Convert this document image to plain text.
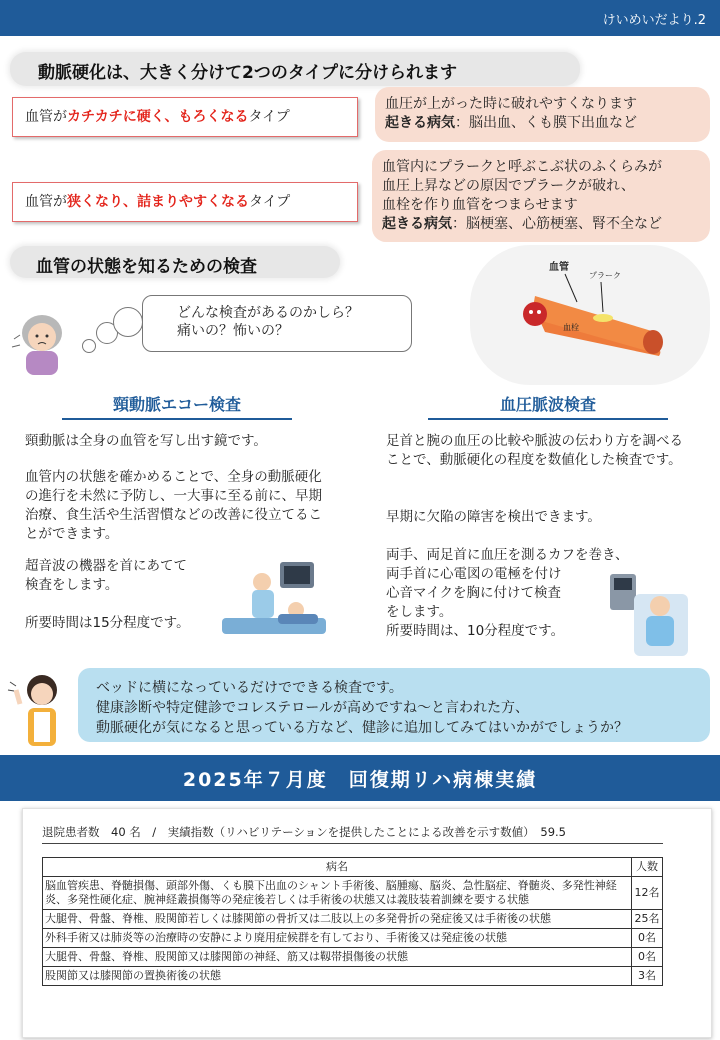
けいめいだより.2
動脈硬化は、大きく分けて2つのタイプに分けられます
血管が カチカチに硬く、もろくなる タイプ
血圧が上がった時に破れやすくなります
起きる病気：脳出血、くも膜下出血など
血管が 狭くなり、詰まりやすくなる タイプ
血管内にプラークと呼ぶこぶ状のふくらみが
血圧上昇などの原因でプラークが破れ、
血栓を作り血管をつまらせます
起きる病気：脳梗塞、心筋梗塞、腎不全など
血管の状態を知るための検査
どんな検査があるのかしら？
痛いの？怖いの？
血管
プラーク
血栓
頸動脈エコー検査
頸動脈は全身の血管を写し出す鏡です。
血管内の状態を確かめることで、全身の動脈硬化の進行を未然に予防し、一大事に至る前に、早期治療、食生活や生活習慣などの改善に役立てることができます。
超音波の機器を首にあてて
検査をします。
所要時間は15分程度です。
血圧脈波検査
足首と腕の血圧の比較や脈波の伝わり方を調べることで、動脈硬化の程度を数値化した検査です。
早期に欠陥の障害を検出できます。
両手、両足首に血圧を測るカフを巻き、
両手首に心電図の電極を付け
心音マイクを胸に付けて検査
をします。
所要時間は、10分程度です。
ベッドに横になっているだけでできる検査です。
健康診断や特定健診でコレステロールが高めですね～と言われた方、
動脈硬化が気になると思っている方など、健診に追加してみてはいかがでしょうか？
2025年７月度　回復期リハ病棟実績
退院患者数　40 名　/　実績指数（リハビリテーションを提供したことによる改善を示す数値）　59.5
病名	人数
脳血管疾患、脊髄損傷、頭部外傷、くも膜下出血のシャント手術後、脳腫瘍、脳炎、急性脳症、脊髄炎、多発性神経炎、多発性硬化症、腕神経叢損傷等の発症後若しくは手術後の状態又は義肢装着訓練を要する状態	12名
大腿骨、骨盤、脊椎、股関節若しくは膝関節の骨折又は二肢以上の多発骨折の発症後又は手術後の状態	25名
外科手術又は肺炎等の治療時の安静により廃用症候群を有しており、手術後又は発症後の状態	0名
大腿骨、骨盤、脊椎、股関節又は膝関節の神経、筋又は靱帯損傷後の状態	0名
股関節又は膝関節の置換術後の状態	3名
